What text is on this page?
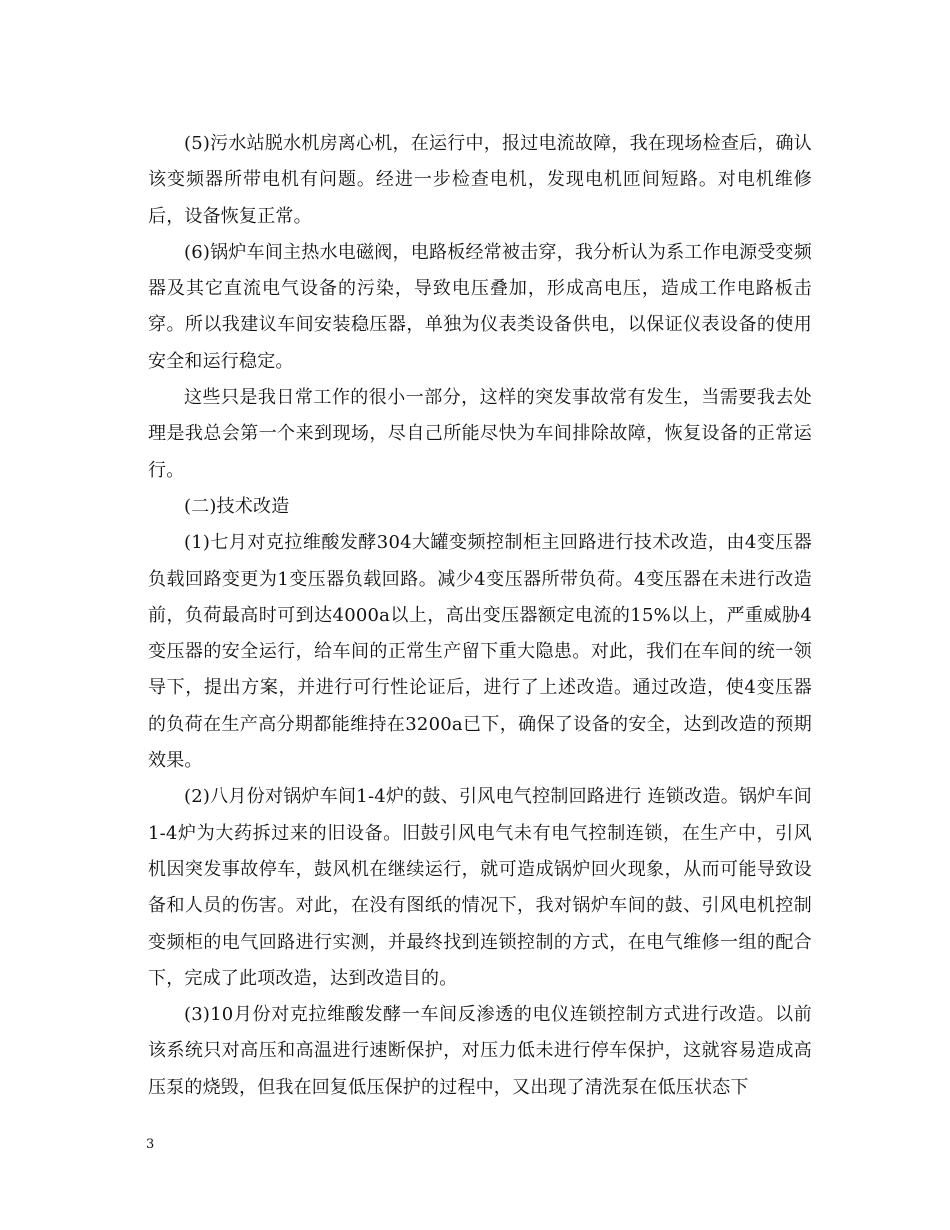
(5)污水站脱水机房离心机，在运行中，报过电流故障，我在现场检查后，确认该变频器所带电机有问题。经进一步检查电机，发现电机匝间短路。对电机维修后，设备恢复正常。

(6)锅炉车间主热水电磁阀，电路板经常被击穿，我分析认为系工作电源受变频器及其它直流电气设备的污染，导致电压叠加，形成高电压，造成工作电路板击穿。所以我建议车间安装稳压器，单独为仪表类设备供电，以保证仪表设备的使用安全和运行稳定。

这些只是我日常工作的很小一部分，这样的突发事故常有发生，当需要我去处理是我总会第一个来到现场，尽自己所能尽快为车间排除故障，恢复设备的正常运行。

(二)技术改造

(1)七月对克拉维酸发酵304大罐变频控制柜主回路进行技术改造，由4变压器负载回路变更为1变压器负载回路。减少4变压器所带负荷。4变压器在未进行改造前，负荷最高时可到达4000a以上，高出变压器额定电流的15%以上，严重威胁4变压器的安全运行，给车间的正常生产留下重大隐患。对此，我们在车间的统一领导下，提出方案，并进行可行性论证后，进行了上述改造。通过改造，使4变压器的负荷在生产高分期都能维持在3200a已下，确保了设备的安全，达到改造的预期效果。

(2)八月份对锅炉车间1-4炉的鼓、引风电气控制回路进行 连锁改造。锅炉车间1-4炉为大药拆过来的旧设备。旧鼓引风电气未有电气控制连锁，在生产中，引风机因突发事故停车，鼓风机在继续运行，就可造成锅炉回火现象，从而可能导致设备和人员的伤害。对此，在没有图纸的情况下，我对锅炉车间的鼓、引风电机控制变频柜的电气回路进行实测，并最终找到连锁控制的方式，在电气维修一组的配合下，完成了此项改造，达到改造目的。

(3)10月份对克拉维酸发酵一车间反渗透的电仪连锁控制方式进行改造。以前该系统只对高压和高温进行速断保护，对压力低未进行停车保护，这就容易造成高压泵的烧毁，但我在回复低压保护的过程中，又出现了清洗泵在低压状态下

3
